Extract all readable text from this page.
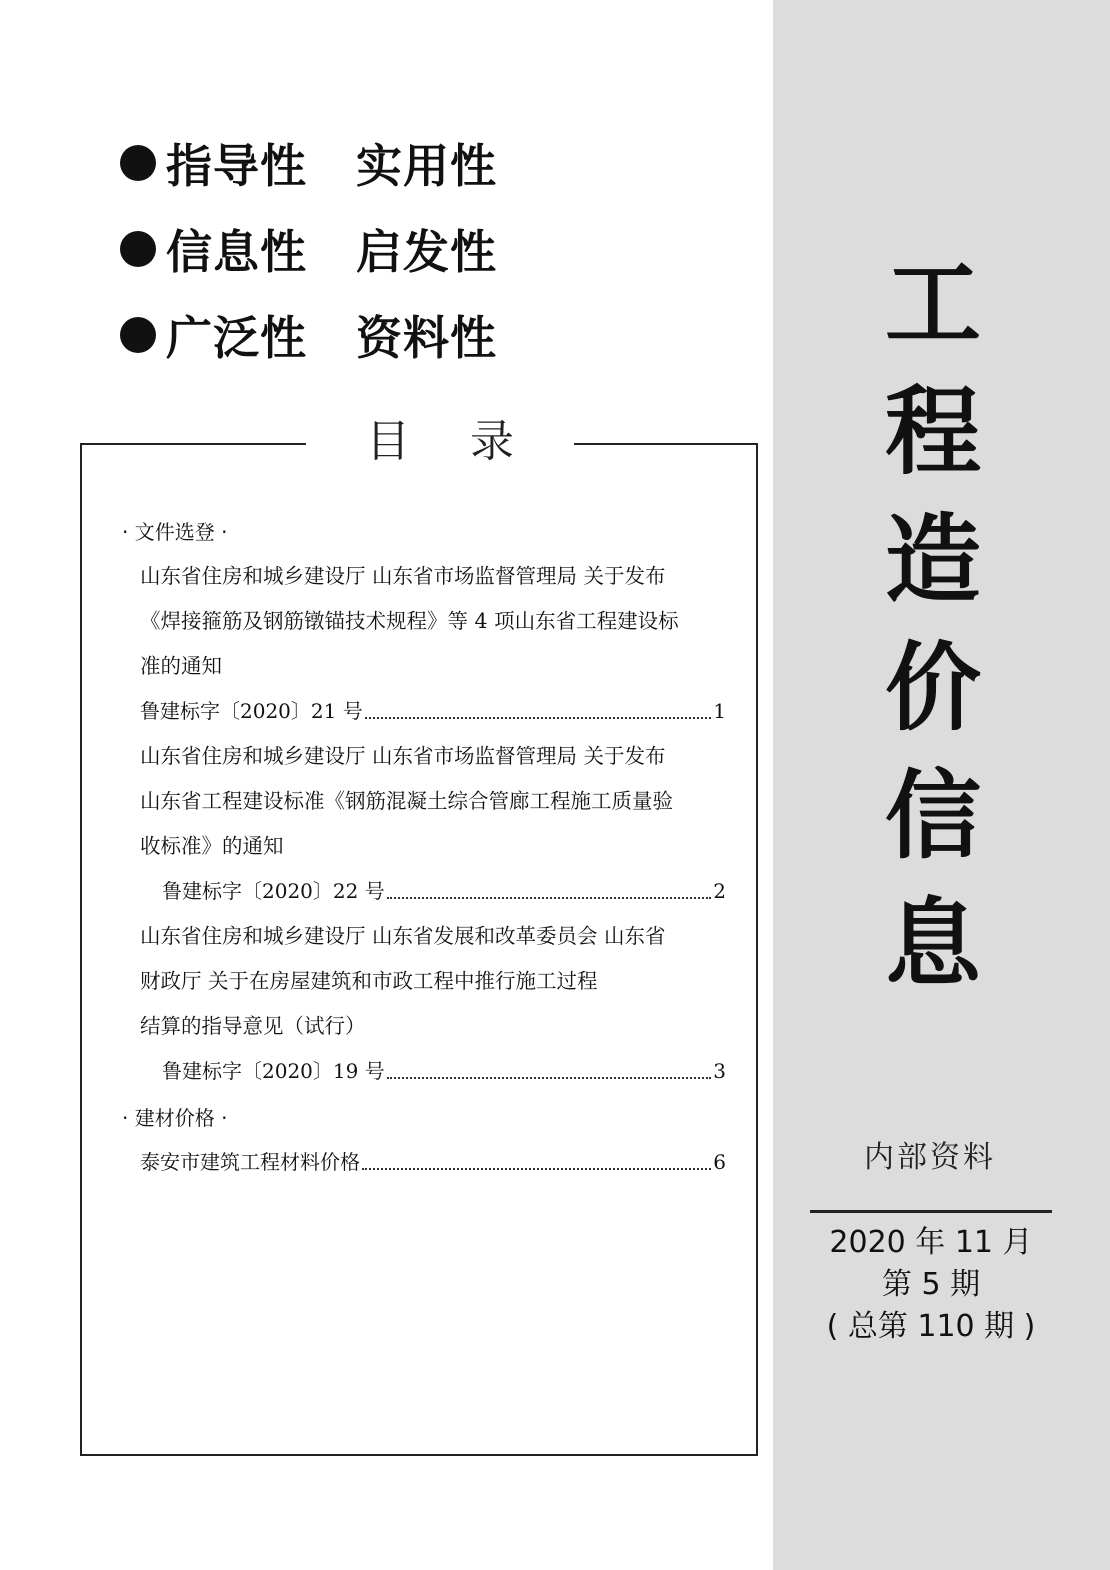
指导性	实用性
信息性	启发性
广泛性	资料性
目录
· 文件选登 ·
山东省住房和城乡建设厅 山东省市场监督管理局 关于发布
《焊接箍筋及钢筋镦锚技术规程》等 4 项山东省工程建设标
准的通知
鲁建标字〔2020〕21 号	1
山东省住房和城乡建设厅 山东省市场监督管理局 关于发布
山东省工程建设标准《钢筋混凝土综合管廊工程施工质量验
收标准》的通知
鲁建标字〔2020〕22 号	2
山东省住房和城乡建设厅 山东省发展和改革委员会 山东省
财政厅 关于在房屋建筑和市政工程中推行施工过程
结算的指导意见（试行）
鲁建标字〔2020〕19 号	3
· 建材价格 ·
泰安市建筑工程材料价格	6
工
程
造
价
信
息
内部资料
2020 年 11 月
第 5 期
( 总第 110 期 )
